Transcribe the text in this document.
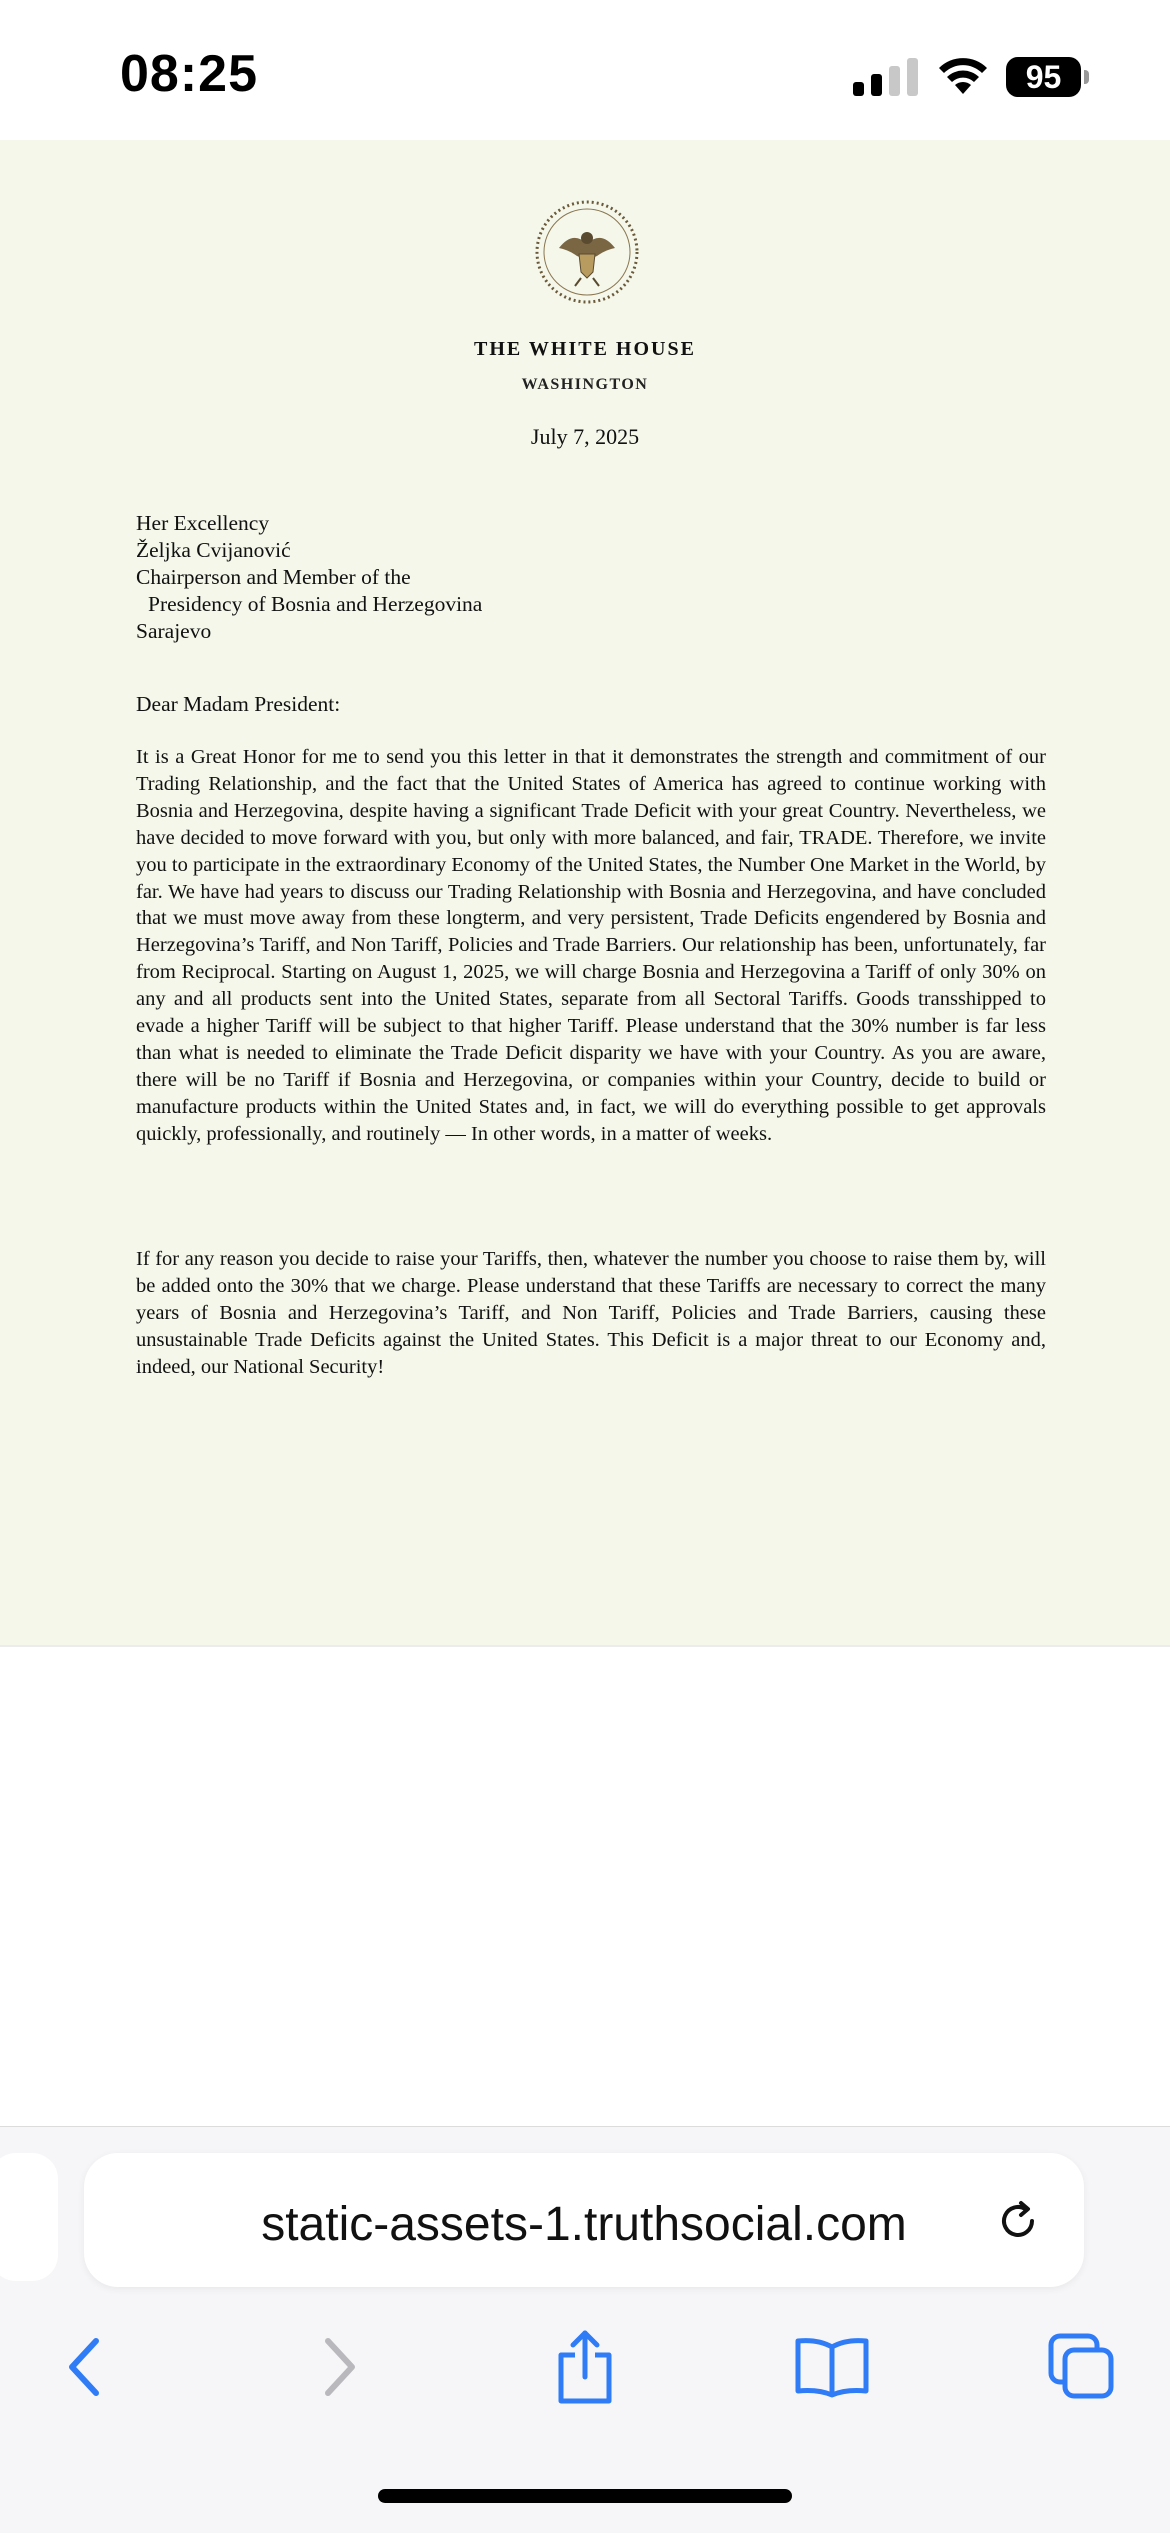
08:25	95
THE WHITE HOUSE
WASHINGTON
July 7, 2025
Her Excellency
Željka Cvijanović
Chairperson and Member of the
Presidency of Bosnia and Herzegovina
Sarajevo
Dear Madam President:
It is a Great Honor for me to send you this letter in that it demonstrates the strength and commitment of our Trading Relationship, and the fact that the United States of America has agreed to continue working with Bosnia and Herzegovina, despite having a significant Trade Deficit with your great Country. Nevertheless, we have decided to move forward with you, but only with more balanced, and fair, TRADE. Therefore, we invite you to participate in the extraordinary Economy of the United States, the Number One Market in the World, by far. We have had years to discuss our Trading Relationship with Bosnia and Herzegovina, and have concluded that we must move away from these longterm, and very persistent, Trade Deficits engendered by Bosnia and Herzegovina’s Tariff, and Non Tariff, Policies and Trade Barriers. Our relationship has been, unfortunately, far from Reciprocal. Starting on August 1, 2025, we will charge Bosnia and Herzegovina a Tariff of only 30% on any and all products sent into the United States, separate from all Sectoral Tariffs. Goods transshipped to evade a higher Tariff will be subject to that higher Tariff. Please understand that the 30% number is far less than what is needed to eliminate the Trade Deficit disparity we have with your Country. As you are aware, there will be no Tariff if Bosnia and Herzegovina, or companies within your Country, decide to build or manufacture products within the United States and, in fact, we will do everything possible to get approvals quickly, professionally, and routinely — In other words, in a matter of weeks.
If for any reason you decide to raise your Tariffs, then, whatever the number you choose to raise them by, will be added onto the 30% that we charge. Please understand that these Tariffs are necessary to correct the many years of Bosnia and Herzegovina’s Tariff, and Non Tariff, Policies and Trade Barriers, causing these unsustainable Trade Deficits against the United States. This Deficit is a major threat to our Economy and, indeed, our National Security!
static-assets-1.truthsocial.com
